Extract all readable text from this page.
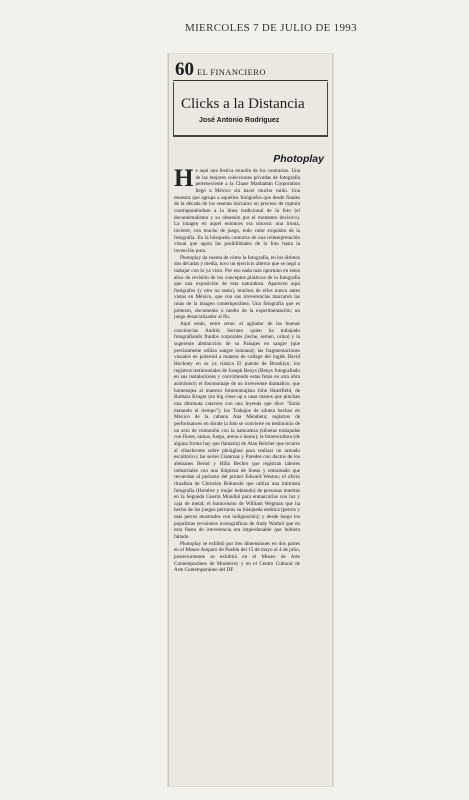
MIERCOLES 7 DE JULIO DE 1993
60 EL FINANCIERO
Clicks a la Distancia
José Antonio Rodríguez
Photoplay

He aquí una festiva reunión de los contrarios. Una de las mejores colecciones privadas de fotografía perteneciente a la Chase Manhattan Corporation llegó a México sin hacer mucho ruido. Una muestra que agrupa a aquellos fotógrafos que desde finales de la década de los sesenta iniciaron un proceso de ruptura contraponiéndose a la línea tradicional de la foto (el documentalismo y su obsesión por el momento decisivo). La imagen en aquel entonces era sincera: una ironía, invierte, con mucho de juego, todo valor exquisito de la fotografía. En la búsqueda contraria de una reinterpretación visual que agota las posibilidades de la foto hasta la invención pura.

Photoplay da cuenta de cómo la fotografía, en los últimos dos décadas y media, tuvo un ejercicio alterno que se negó a trabajar con lo ya visto. Por eso nada más oportuno en estos años de revisión de los conceptos plásticos de la fotografía que una exposición de esta naturaleza. Aparecen aquí fotógrafos (y otro no tanto), muchos de ellos nunca antes vistos en México, que con sus irreverencias marcaron las rutas de la imagen contemporánea. Una fotografía que es pretexto, documento o medio de la experimentación; un juego desacralizador al fin.

Aquí están, entre otros: el agitador de las buenas conciencias Andrés Serrano quien ha trabajado fotografiando fluidos corporales (leche, semen, orina) y la sugerente abstracción de su Paisajes en sangre (que precisamente utiliza sangre humana); las fragmentaciones visuales en polaroid a manera de collage del inglés David Hockney en su ya clásica El puente de Brooklyn; los registros testimoniales de Joseph Beuys (Beuys fotografiado en sus instalaciones y convirtiendo estas fotos en otra obra asimismo); el fotomontaje de un irreverente dramático, que homenajea al maestro fotomontajista John Heartfield, de Barbara Kruger (en big close up a unas manos que pinchan una diminuta calavera con una leyenda que dice: "Estás matando el tiempo"); los Trabajos de silueta hechos en México de la cubana Ana Mendieta; registros de performances en donde la foto se convierte en testimonio de un acto de comunión con la naturaleza (siluetas trabajadas con flores, ramas, fuego, arena o humo); la fotoescultura (de alguna forma hay que llamarla) de Alan Belcher que recurre al cibachrome sobre plexiglass para realizar un armado escultórico; las series Cisternas y Paredes con ductos de los alemanes Bernd y Hilla Becher que registran labores industriales con una limpieza de líneas y entramado que recuerdan al purismo del primer Edward Weston; el oficio ritualista de Christian Boltanski que utiliza una intimista fotografía (Hombre y mujer bebiendo) de personas muertas en la Segunda Guerra Mundial para enmarcarlas con luz y caja de metal; el humorismo de William Wegman que ha hecho de los juegos perrunos su búsqueda estética (perros y más perros mostrados con indignación); y desde luego los populistas revisiones iconográficas de Andy Warhol que en esta fiesta de irreverencia era imperdonable que hubiera faltado.

Photoplay se exhibió por tres dimensiones en dos partes en el Museo Amparo de Puebla del 15 de mayo al 4 de julio, posteriormente se exhibirá en el Museo de Arte Contemporáneo de Monterrey y en el Centro Cultural de Arte Contemporáneo del DF.
